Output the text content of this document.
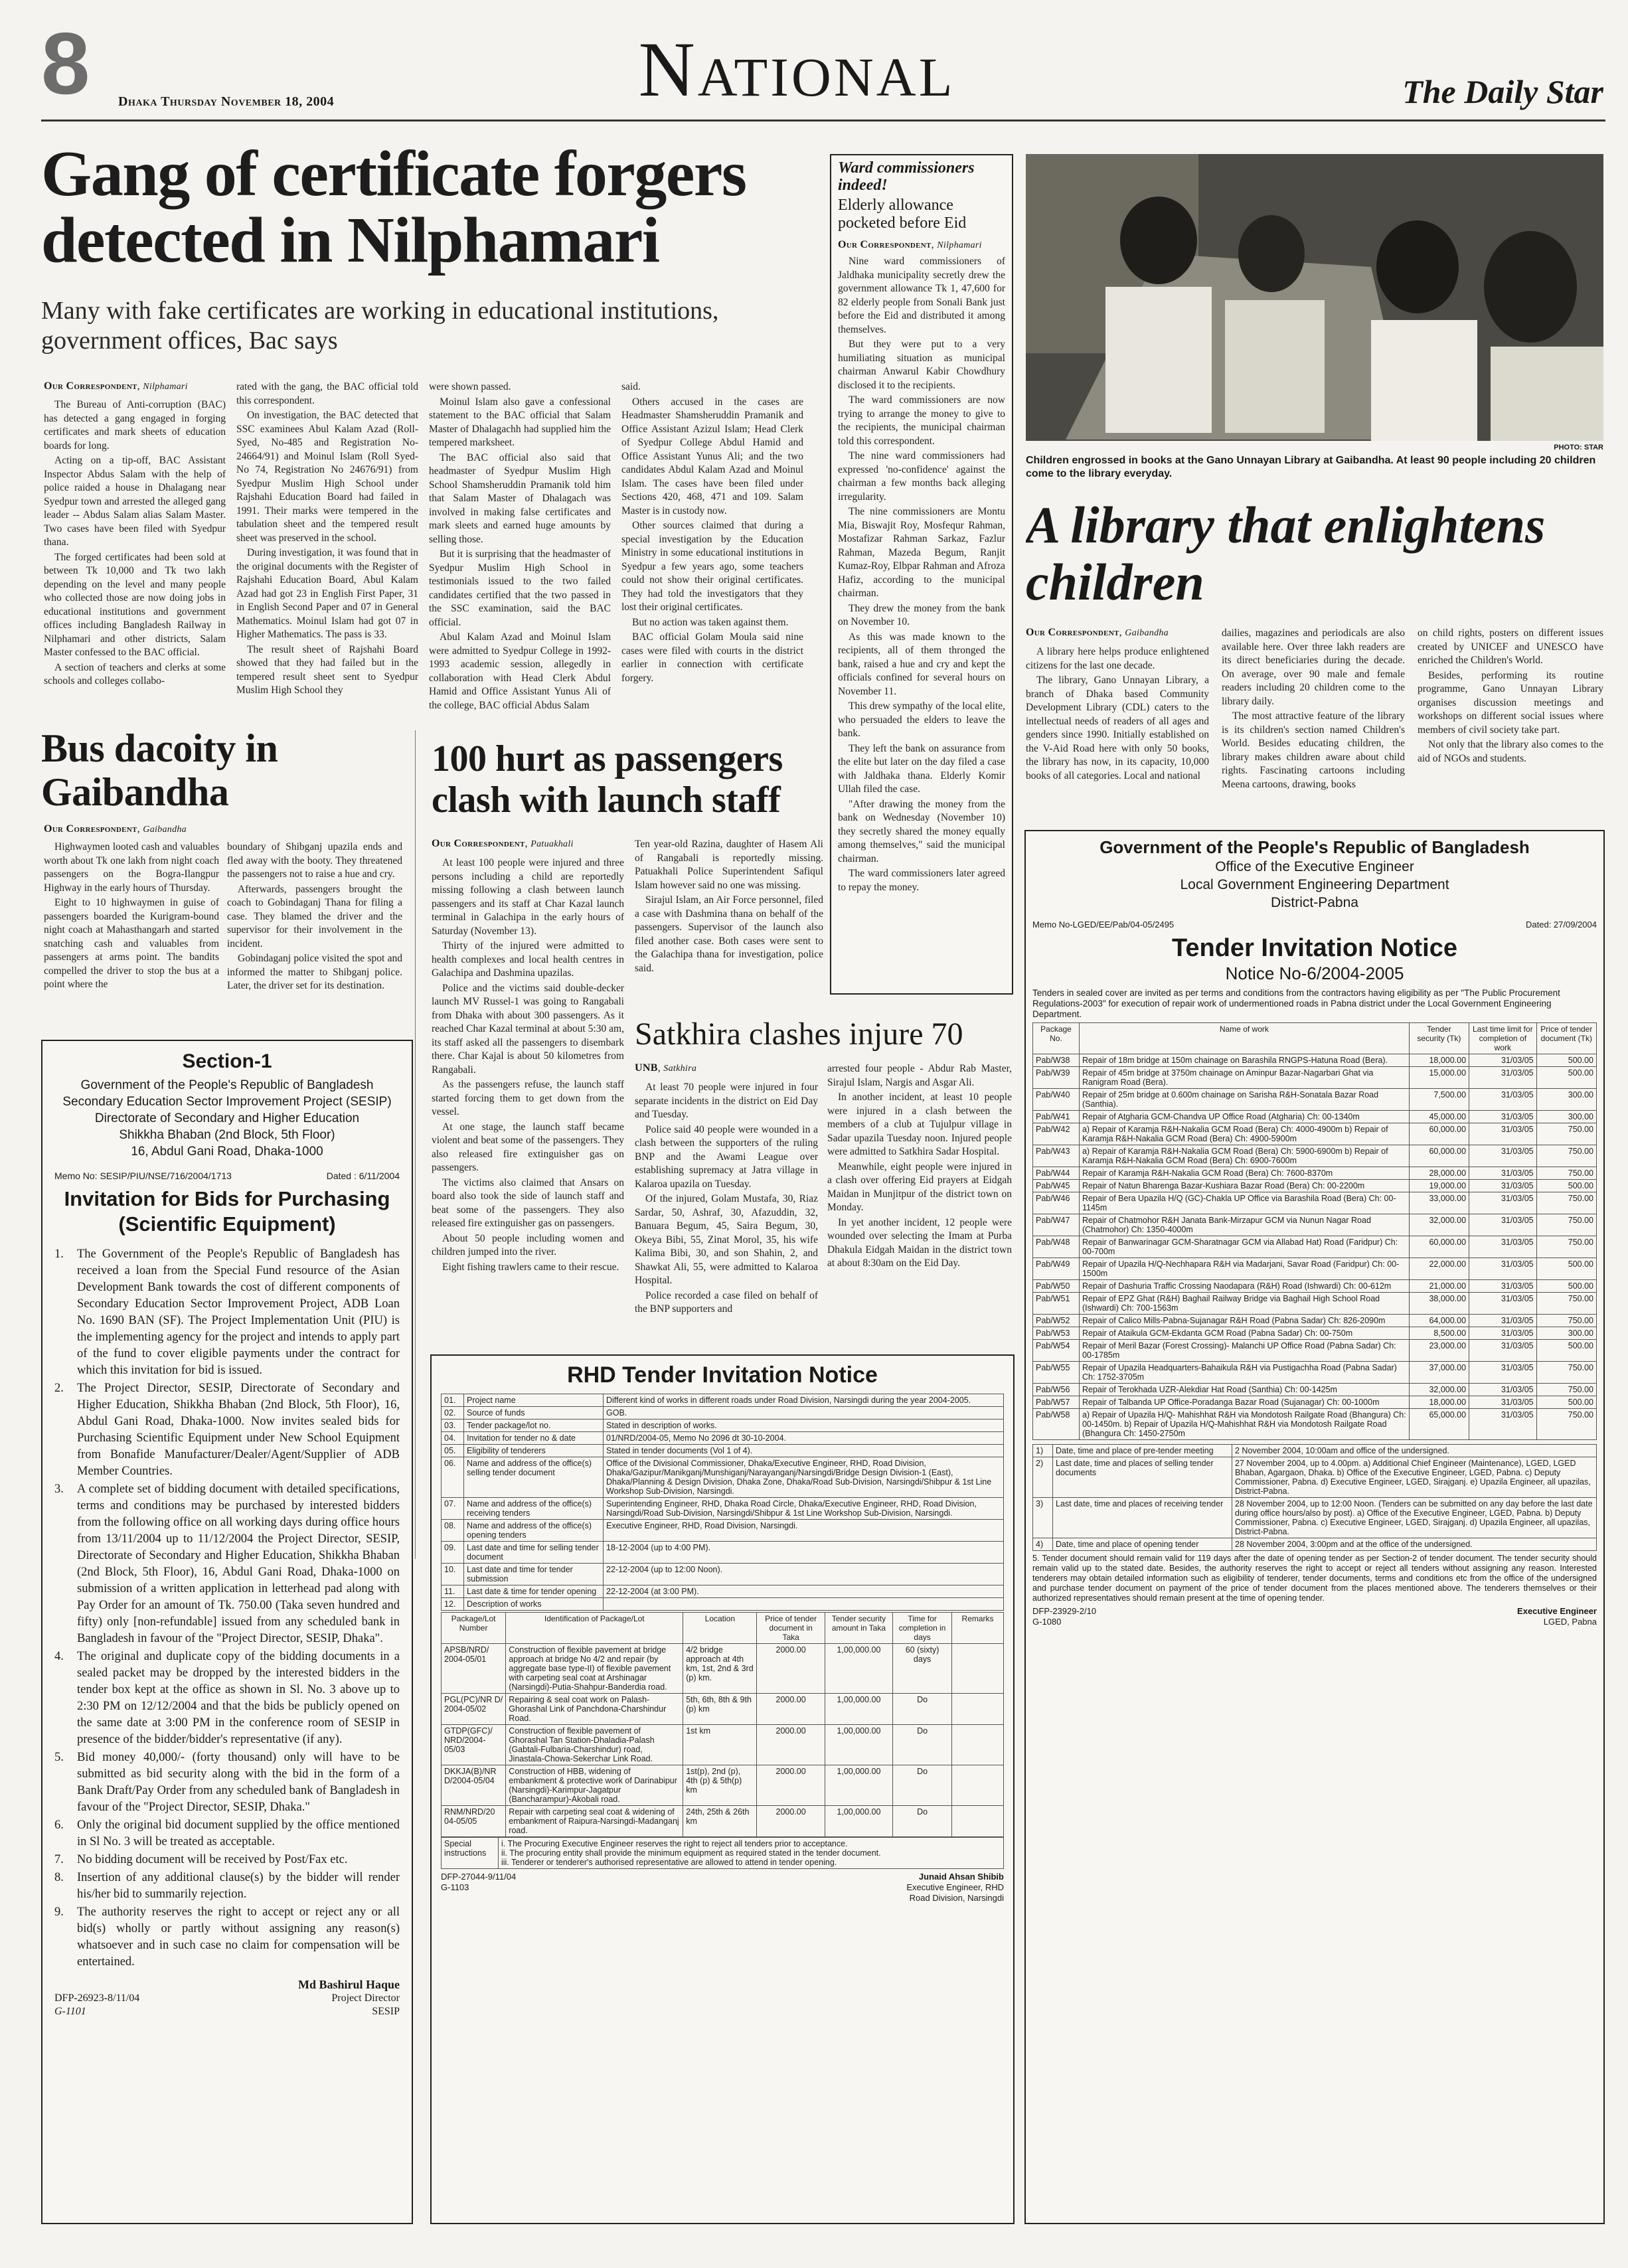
8 Dhaka Thursday November 18, 2004	National	The Daily Star
Gang of certificate forgers detected in Nilphamari
Many with fake certificates are working in educational institutions, government offices, Bac says
Our Correspondent, Nilphamari

The Bureau of Anti-corruption (BAC) has detected a gang engaged in forging certificates and mark sheets of education boards for long.

Acting on a tip-off, BAC Assistant Inspector Abdus Salam with the help of police raided a house in Dhalagang near Syedpur town and arrested the alleged gang leader -- Abdus Salam alias Salam Master. Two cases have been filed with Syedpur thana.

The forged certificates had been sold at between Tk 10,000 and Tk two lakh depending on the level and many people who collected those are now doing jobs in educational institutions and government offices including Bangladesh Railway in Nilphamari and other districts, Salam Master confessed to the BAC official.

A section of teachers and clerks at some schools and colleges collabo-

rated with the gang, the BAC official told this correspondent.

On investigation, the BAC detected that SSC examinees Abul Kalam Azad (Roll-Syed, No-485 and Registration No-24664/91) and Moinul Islam (Roll Syed- No 74, Registration No 24676/91) from Syedpur Muslim High School under Rajshahi Education Board had failed in 1991. Their marks were tempered in the tabulation sheet and the tempered result sheet was preserved in the school.

During investigation, it was found that in the original documents with the Register of Rajshahi Education Board, Abul Kalam Azad had got 23 in English First Paper, 31 in English Second Paper and 07 in General Mathematics. Moinul Islam had got 07 in Higher Mathematics. The pass is 33.

The result sheet of Rajshahi Board showed that they had failed but in the tempered result sheet sent to Syedpur Muslim High School they

were shown passed.

Moinul Islam also gave a confessional statement to the BAC official that Salam Master of Dhalagachh had supplied him the tempered marksheet.

The BAC official also said that headmaster of Syedpur Muslim High School Shamsheruddin Pramanik told him that Salam Master of Dhalagach was involved in making false certificates and mark sleets and earned huge amounts by selling those.

But it is surprising that the headmaster of Syedpur Muslim High School in testimonials issued to the two failed candidates certified that the two passed in the SSC examination, said the BAC official.

Abul Kalam Azad and Moinul Islam were admitted to Syedpur College in 1992-1993 academic session, allegedly in collaboration with Head Clerk Abdul Hamid and Office Assistant Yunus Ali of the college, BAC official Abdus Salam

said.

Others accused in the cases are Headmaster Shamsheruddin Pramanik and Office Assistant Azizul Islam; Head Clerk of Syedpur College Abdul Hamid and Office Assistant Yunus Ali; and the two candidates Abdul Kalam Azad and Moinul Islam. The cases have been filed under Sections 420, 468, 471 and 109. Salam Master is in custody now.

Other sources claimed that during a special investigation by the Education Ministry in some educational institutions in Syedpur a few years ago, some teachers could not show their original certificates. They had told the investigators that they lost their original certificates.

But no action was taken against them.

BAC official Golam Moula said nine cases were filed with courts in the district earlier in connection with certificate forgery.

Ward commissioners indeed!
Elderly allowance pocketed before Eid
Our Correspondent, Nilphamari

Nine ward commissioners of Jaldhaka municipality secretly drew the government allowance Tk 1, 47,600 for 82 elderly people from Sonali Bank just before the Eid and distributed it among themselves.

But they were put to a very humiliating situation as municipal chairman Anwarul Kabir Chowdhury disclosed it to the recipients.

The ward commissioners are now trying to arrange the money to give to the recipients, the municipal chairman told this correspondent.

The nine ward commissioners had expressed 'no-confidence' against the chairman a few months back alleging irregularity.

The nine commissioners are Montu Mia, Biswajit Roy, Mosfequr Rahman, Mostafizar Rahman Sarkaz, Fazlur Rahman, Mazeda Begum, Ranjit Kumaz-Roy, Elbpar Rahman and Afroza Hafiz, according to the municipal chairman.

They drew the money from the bank on November 10.

As this was made known to the recipients, all of them thronged the bank, raised a hue and cry and kept the officials confined for several hours on November 11.

This drew sympathy of the local elite, who persuaded the elders to leave the bank.

They left the bank on assurance from the elite but later on the day filed a case with Jaldhaka thana. Elderly Komir Ullah filed the case.

"After drawing the money from the bank on Wednesday (November 10) they secretly shared the money equally among themselves," said the municipal chairman.

The ward commissioners later agreed to repay the money.

PHOTO: STAR
Children engrossed in books at the Gano Unnayan Library at Gaibandha. At least 90 people including 20 children come to the library everyday.
A library that enlightens children
Our Correspondent, Gaibandha

A library here helps produce enlightened citizens for the last one decade.

The library, Gano Unnayan Library, a branch of Dhaka based Community Development Library (CDL) caters to the intellectual needs of readers of all ages and genders since 1990. Initially established on the V-Aid Road here with only 50 books, the library has now, in its capacity, 10,000 books of all categories. Local and national

dailies, magazines and periodicals are also available here. Over three lakh readers are its direct beneficiaries during the decade. On average, over 90 male and female readers including 20 children come to the library daily.

The most attractive feature of the library is its children's section named Children's World. Besides educating children, the library makes children aware about child rights. Fascinating cartoons including Meena cartoons, drawing, books

on child rights, posters on different issues created by UNICEF and UNESCO have enriched the Children's World.

Besides, performing its routine programme, Gano Unnayan Library organises discussion meetings and workshops on different social issues where members of civil society take part.

Not only that the library also comes to the aid of NGOs and students.

Bus dacoity in Gaibandha
Our Correspondent, Gaibandha

Highwaymen looted cash and valuables worth about Tk one lakh from night coach passengers on the Bogra-Ilangpur Highway in the early hours of Thursday.

Eight to 10 highwaymen in guise of passengers boarded the Kurigram-bound night coach at Mahasthangarh and started snatching cash and valuables from passengers at arms point. The bandits compelled the driver to stop the bus at a point where the

boundary of Shibganj upazila ends and fled away with the booty. They threatened the passengers not to raise a hue and cry.

Afterwards, passengers brought the coach to Gobindaganj Thana for filing a case. They blamed the driver and the supervisor for their involvement in the incident.

Gobindaganj police visited the spot and informed the matter to Shibganj police. Later, the driver set for its destination.

100 hurt as passengers clash with launch staff
Our Correspondent, Patuakhali

At least 100 people were injured and three persons including a child are reportedly missing following a clash between launch passengers and its staff at Char Kazal launch terminal in Galachipa in the early hours of Saturday (November 13).

Thirty of the injured were admitted to health complexes and local health centres in Galachipa and Dashmina upazilas.

Police and the victims said double-decker launch MV Russel-1 was going to Rangabali from Dhaka with about 300 passengers. As it reached Char Kazal terminal at about 5:30 am, its staff asked all the passengers to disembark there. Char Kajal is about 50 kilometres from Rangabali.

As the passengers refuse, the launch staff started forcing them to get down from the vessel.

At one stage, the launch staff became violent and beat some of the passengers. They also released fire extinguisher gas on passengers.

The victims also claimed that Ansars on board also took the side of launch staff and beat some of the passengers. They also released fire extinguisher gas on passengers.

About 50 people including women and children jumped into the river.

Eight fishing trawlers came to their rescue.

Ten year-old Razina, daughter of Hasem Ali of Rangabali is reportedly missing. Patuakhali Police Superintendent Safiqul Islam however said no one was missing.

Sirajul Islam, an Air Force personnel, filed a case with Dashmina thana on behalf of the passengers. Supervisor of the launch also filed another case. Both cases were sent to the Galachipa thana for investigation, police said.

Satkhira clashes injure 70
UNB, Satkhira

At least 70 people were injured in four separate incidents in the district on Eid Day and Tuesday.

Police said 40 people were wounded in a clash between the supporters of the ruling BNP and the Awami League over establishing supremacy at Jatra village in Kalaroa upazila on Tuesday.

Of the injured, Golam Mustafa, 30, Riaz Sardar, 50, Ashraf, 30, Afazuddin, 32, Banuara Begum, 45, Saira Begum, 30, Okeya Bibi, 55, Zinat Morol, 35, his wife Kalima Bibi, 30, and son Shahin, 2, and Shawkat Ali, 55, were admitted to Kalaroa Hospital.

Police recorded a case filed on behalf of the BNP supporters and

arrested four people - Abdur Rab Master, Sirajul Islam, Nargis and Asgar Ali.

In another incident, at least 10 people were injured in a clash between the members of a club at Tujulpur village in Sadar upazila Tuesday noon. Injured people were admitted to Satkhira Sadar Hospital.

Meanwhile, eight people were injured in a clash over offering Eid prayers at Eidgah Maidan in Munjitpur of the district town on Monday.

In yet another incident, 12 people were wounded over selecting the Imam at Purba Dhakula Eidgah Maidan in the district town at about 8:30am on the Eid Day.

Section-1
Government of the People's Republic of Bangladesh
Secondary Education Sector Improvement Project (SESIP)
Directorate of Secondary and Higher Education
Shikkha Bhaban (2nd Block, 5th Floor)
16, Abdul Gani Road, Dhaka-1000
Memo No: SESIP/PIU/NSE/716/2004/1713	Dated : 6/11/2004
Invitation for Bids for Purchasing (Scientific Equipment)
1.	The Government of the People's Republic of Bangladesh has received a loan from the Special Fund resource of the Asian Development Bank towards the cost of different components of Secondary Education Sector Improvement Project, ADB Loan No. 1690 BAN (SF). The Project Implementation Unit (PIU) is the implementing agency for the project and intends to apply part of the fund to cover eligible payments under the contract for which this invitation for bid is issued.
2.	The Project Director, SESIP, Directorate of Secondary and Higher Education, Shikkha Bhaban (2nd Block, 5th Floor), 16, Abdul Gani Road, Dhaka-1000. Now invites sealed bids for Purchasing Scientific Equipment under New School Equipment from Bonafide Manufacturer/Dealer/Agent/Supplier of ADB Member Countries.
3.	A complete set of bidding document with detailed specifications, terms and conditions may be purchased by interested bidders from the following office on all working days during office hours from 13/11/2004 up to 11/12/2004 the Project Director, SESIP, Directorate of Secondary and Higher Education, Shikkha Bhaban (2nd Block, 5th Floor), 16, Abdul Gani Road, Dhaka-1000 on submission of a written application in letterhead pad along with Pay Order for an amount of Tk. 750.00 (Taka seven hundred and fifty) only [non-refundable] issued from any scheduled bank in Bangladesh in favour of the "Project Director, SESIP, Dhaka".
4.	The original and duplicate copy of the bidding documents in a sealed packet may be dropped by the interested bidders in the tender box kept at the office as shown in Sl. No. 3 above up to 2:30 PM on 12/12/2004 and that the bids be publicly opened on the same date at 3:00 PM in the conference room of SESIP in presence of the bidder/bidder's representative (if any).
5.	Bid money 40,000/- (forty thousand) only will have to be submitted as bid security along with the bid in the form of a Bank Draft/Pay Order from any scheduled bank of Bangladesh in favour of the "Project Director, SESIP, Dhaka."
6.	Only the original bid document supplied by the office mentioned in Sl No. 3 will be treated as acceptable.
7.	No bidding document will be received by Post/Fax etc.
8.	Insertion of any additional clause(s) by the bidder will render his/her bid to summarily rejection.
9.	The authority reserves the right to accept or reject any or all bid(s) wholly or partly without assigning any reason(s) whatsoever and in such case no claim for compensation will be entertained.
Md Bashirul Haque
DFP-26923-8/11/04
G-1101
Project Director
SESIP
RHD Tender Invitation Notice
01.	Project name	Different kind of works in different roads under Road Division, Narsingdi during the year 2004-2005.
02.	Source of funds	GOB.
03.	Tender package/lot no.	Stated in description of works.
04.	Invitation for tender no & date	01/NRD/2004-05, Memo No 2096 dt 30-10-2004.
05.	Eligibility of tenderers	Stated in tender documents (Vol 1 of 4).
06.	Name and address of the office(s) selling tender document	Office of the Divisional Commissioner, Dhaka/Executive Engineer, RHD, Road Division, Dhaka/Gazipur/Manikganj/Munshiganj/Narayanganj/Narsingdi/Bridge Design Division-1 (East), Dhaka/Planning & Design Division, Dhaka Zone, Dhaka/Road Sub-Division, Narsingdi/Shibpur & 1st Line Workshop Sub-Division, Narsingdi.
07.	Name and address of the office(s) receiving tenders	Superintending Engineer, RHD, Dhaka Road Circle, Dhaka/Executive Engineer, RHD, Road Division, Narsingdi/Road Sub-Division, Narsingdi/Shibpur & 1st Line Workshop Sub-Division, Narsingdi.
08.	Name and address of the office(s) opening tenders	Executive Engineer, RHD, Road Division, Narsingdi.
09.	Last date and time for selling tender document	18-12-2004 (up to 4:00 PM).
10.	Last date and time for tender submission	22-12-2004 (up to 12:00 Noon).
11.	Last date & time for tender opening	22-12-2004 (at 3:00 PM).
12.	Description of works	
Package/Lot Number	Identification of Package/Lot	Location	Price of tender document in Taka	Tender security amount in Taka	Time for completion in days	Remarks
APSB/NRD/ 2004-05/01	Construction of flexible pavement at bridge approach at bridge No 4/2 and repair (by aggregate base type-II) of flexible pavement with carpeting seal coat at Arshinagar (Narsingdi)-Putia-Shahpur-Banderdia road.	4/2 bridge approach at 4th km, 1st, 2nd & 3rd (p) km.	2000.00	1,00,000.00	60 (sixty) days	
PGL(PC)/NR D/ 2004-05/02	Repairing & seal coat work on Palash-Ghorashal Link of Panchdona-Charshindur Road.	5th, 6th, 8th & 9th (p) km	2000.00	1,00,000.00	Do	
GTDP(GFC)/ NRD/2004-05/03	Construction of flexible pavement of Ghorashal Tan Station-Dhaladia-Palash (Gabtali-Fulbaria-Charshindur) road, Jinastala-Chowa-Sekerchar Link Road.	1st km	2000.00	1,00,000.00	Do	
DKKJA(B)/NR D/2004-05/04	Construction of HBB, widening of embankment & protective work of Darinabipur (Narsingdi)-Karimpur-Jagatpur (Bancharampur)-Akobali road.	1st(p), 2nd (p), 4th (p) & 5th(p) km	2000.00	1,00,000.00	Do	
RNM/NRD/20 04-05/05	Repair with carpeting seal coat & widening of embankment of Raipura-Narsingdi-Madanganj road.	24th, 25th & 26th km	2000.00	1,00,000.00	Do	
Special instructions	
i. The Procuring Executive Engineer reserves the right to reject all tenders prior to acceptance.
ii. The procuring entity shall provide the minimum equipment as required stated in the tender document.
iii. Tenderer or tenderer's authorised representative are allowed to attend in tender opening.
DFP-27044-9/11/04
G-1103
Junaid Ahsan Shibib
Executive Engineer, RHD
Road Division, Narsingdi
Government of the People's Republic of Bangladesh
Office of the Executive Engineer
Local Government Engineering Department
District-Pabna
Memo No-LGED/EE/Pab/04-05/2495	Dated: 27/09/2004
Tender Invitation Notice
Notice No-6/2004-2005
Tenders in sealed cover are invited as per terms and conditions from the contractors having eligibility as per "The Public Procurement Regulations-2003" for execution of repair work of undermentioned roads in Pabna district under the Local Government Engineering Department.
Package No.	Name of work	Tender security (Tk)	Last time limit for completion of work	Price of tender document (Tk)
Pab/W38	Repair of 18m bridge at 150m chainage on Barashila RNGPS-Hatuna Road (Bera).	18,000.00	31/03/05	500.00
Pab/W39	Repair of 45m bridge at 3750m chainage on Aminpur Bazar-Nagarbari Ghat via Ranigram Road (Bera).	15,000.00	31/03/05	500.00
Pab/W40	Repair of 25m bridge at 0.600m chainage on Sarisha R&H-Sonatala Bazar Road (Santhia).	7,500.00	31/03/05	300.00
Pab/W41	Repair of Atgharia GCM-Chandva UP Office Road (Atgharia) Ch: 00-1340m	45,000.00	31/03/05	300.00
Pab/W42	a) Repair of Karamja R&H-Nakalia GCM Road (Bera) Ch: 4000-4900m b) Repair of Karamja R&H-Nakalia GCM Road (Bera) Ch: 4900-5900m	60,000.00	31/03/05	750.00
Pab/W43	a) Repair of Karamja R&H-Nakalia GCM Road (Bera) Ch: 5900-6900m b) Repair of Karamja R&H-Nakalia GCM Road (Bera) Ch: 6900-7600m	60,000.00	31/03/05	750.00
Pab/W44	Repair of Karamja R&H-Nakalia GCM Road (Bera) Ch: 7600-8370m	28,000.00	31/03/05	750.00
Pab/W45	Repair of Natun Bharenga Bazar-Kushiara Bazar Road (Bera) Ch: 00-2200m	19,000.00	31/03/05	500.00
Pab/W46	Repair of Bera Upazila H/Q (GC)-Chakla UP Office via Barashila Road (Bera) Ch: 00-1145m	33,000.00	31/03/05	750.00
Pab/W47	Repair of Chatmohor R&H Janata Bank-Mirzapur GCM via Nunun Nagar Road (Chatmohor) Ch: 1350-4000m	32,000.00	31/03/05	750.00
Pab/W48	Repair of Banwarinagar GCM-Sharatnagar GCM via Allabad Hat) Road (Faridpur) Ch: 00-700m	60,000.00	31/03/05	750.00
Pab/W49	Repair of Upazila H/Q-Nechhapara R&H via Madarjani, Savar Road (Faridpur) Ch: 00-1500m	22,000.00	31/03/05	500.00
Pab/W50	Repair of Dashuria Traffic Crossing Naodapara (R&H) Road (Ishwardi) Ch: 00-612m	21,000.00	31/03/05	500.00
Pab/W51	Repair of EPZ Ghat (R&H) Baghail Railway Bridge via Baghail High School Road (Ishwardi) Ch: 700-1563m	38,000.00	31/03/05	750.00
Pab/W52	Repair of Calico Mills-Pabna-Sujanagar R&H Road (Pabna Sadar) Ch: 826-2090m	64,000.00	31/03/05	750.00
Pab/W53	Repair of Ataikula GCM-Ekdanta GCM Road (Pabna Sadar) Ch: 00-750m	8,500.00	31/03/05	300.00
Pab/W54	Repair of Meril Bazar (Forest Crossing)- Malanchi UP Office Road (Pabna Sadar) Ch: 00-1785m	23,000.00	31/03/05	500.00
Pab/W55	Repair of Upazila Headquarters-Bahaikula R&H via Pustigachha Road (Pabna Sadar) Ch: 1752-3705m	37,000.00	31/03/05	750.00
Pab/W56	Repair of Terokhada UZR-Alekdiar Hat Road (Santhia) Ch: 00-1425m	32,000.00	31/03/05	750.00
Pab/W57	Repair of Talbanda UP Office-Poradanga Bazar Road (Sujanagar) Ch: 00-1000m	18,000.00	31/03/05	500.00
Pab/W58	a) Repair of Upazila H/Q- Mahishhat R&H via Mondotosh Railgate Road (Bhangura) Ch: 00-1450m. b) Repair of Upazila H/Q-Mahishhat R&H via Mondotosh Railgate Road (Bhangura Ch: 1450-2750m	65,000.00	31/03/05	750.00
1)	Date, time and place of pre-tender meeting	2 November 2004, 10:00am and office of the undersigned.
2)	Last date, time and places of selling tender documents	27 November 2004, up to 4.00pm. a) Additional Chief Engineer (Maintenance), LGED, LGED Bhaban, Agargaon, Dhaka. b) Office of the Executive Engineer, LGED, Pabna. c) Deputy Commissioner, Pabna. d) Executive Engineer, LGED, Sirajganj. e) Upazila Engineer, all upazilas, District-Pabna.
3)	Last date, time and places of receiving tender	28 November 2004, up to 12:00 Noon. (Tenders can be submitted on any day before the last date during office hours/also by post). a) Office of the Executive Engineer, LGED, Pabna. b) Deputy Commissioner, Pabna. c) Executive Engineer, LGED, Sirajganj. d) Upazila Engineer, all upazilas, District-Pabna.
4)	Date, time and place of opening tender	28 November 2004, 3:00pm and at the office of the undersigned.
5. Tender document should remain valid for 119 days after the date of opening tender as per Section-2 of tender document. The tender security should remain valid up to the stated date. Besides, the authority reserves the right to accept or reject all tenders without assigning any reason. Interested tenderers may obtain detailed information such as eligibility of tenderer, tender documents, terms and conditions etc from the office of the undersigned and purchase tender document on payment of the price of tender document from the places mentioned above. The tenderers themselves or their authorized representatives should remain present at the time of opening tender.
DFP-23929-2/10
G-1080
Executive Engineer
LGED, Pabna
